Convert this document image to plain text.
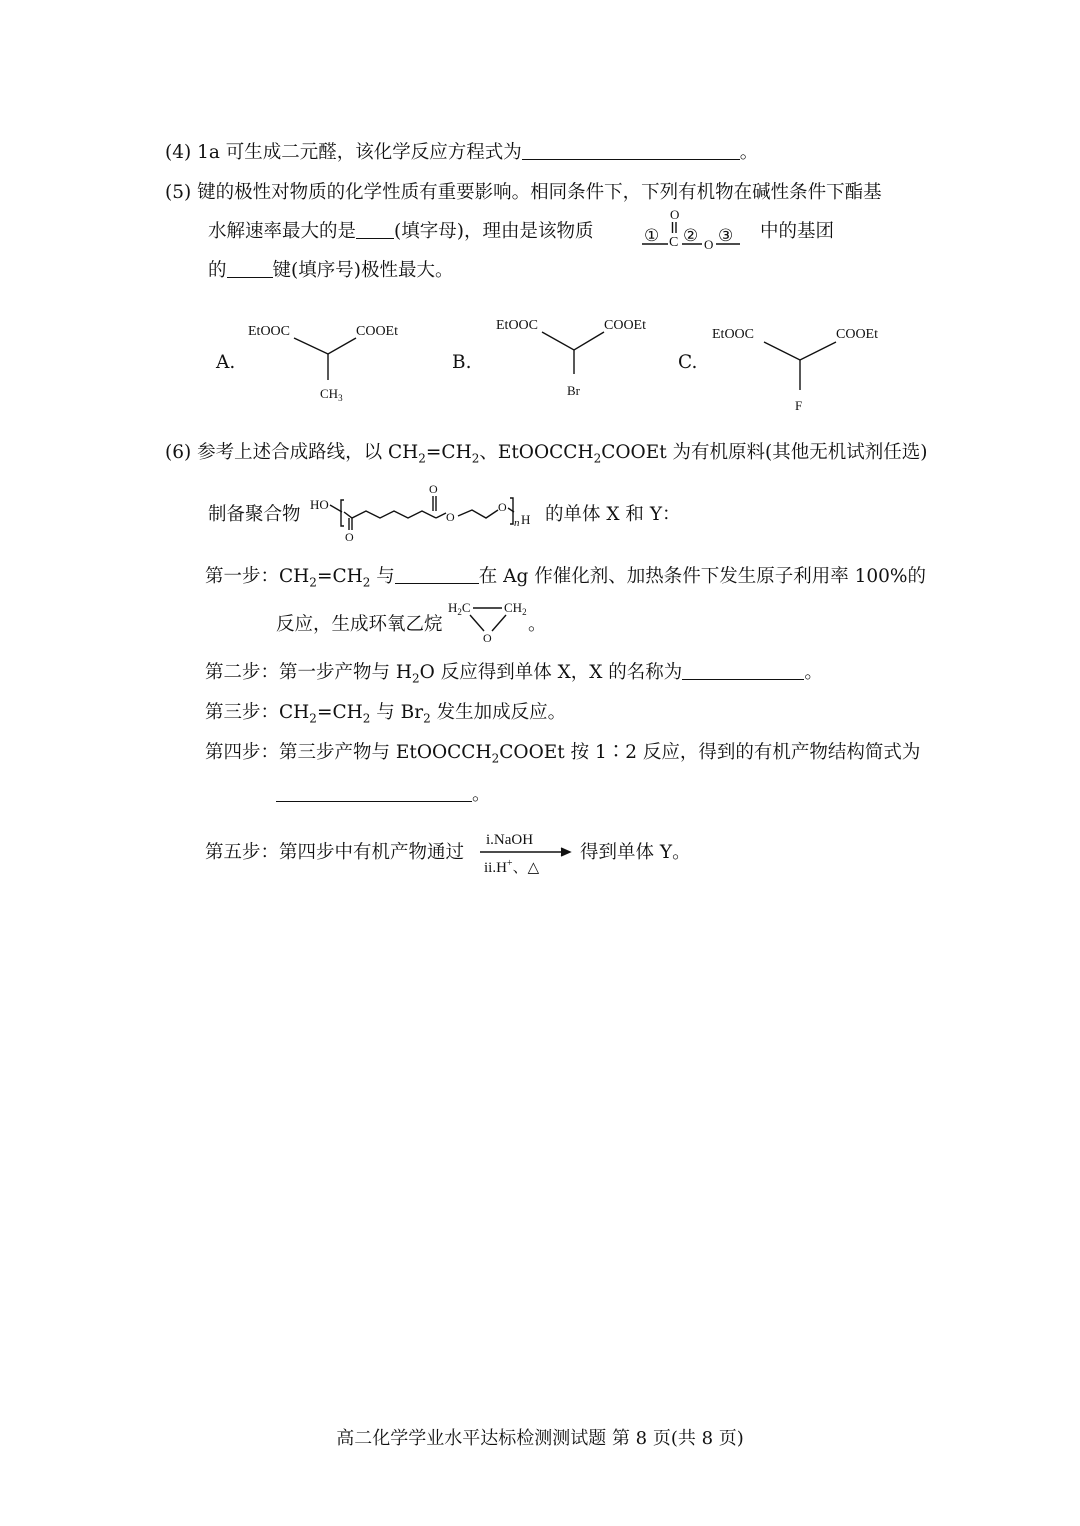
(4) 1a 可生成二元醛，该化学反应方程式为	。
(5) 键的极性对物质的化学性质有重要影响。相同条件下，下列有机物在碱性条件下酯基
水解速率最大的是 (填字母)，理由是该物质
O
① C ② O ③ 中的基团
的 键(填序号)极性最大。
A.
EtOOC	COOEt
$CH_3$
B.
EtOOC	COOEt
Br
C.
EtOOC	COOEt
F
(6) 参考上述合成路线，以 $CH_2=CH_2$、EtOOCCH$_2$COOEt 为有机原料(其他无机试剂任选)
制备聚合物 HO
O
O
O
O
n H 的单体 X 和 Y：
第一步：$CH_2=CH_2$ 与	在 Ag 作催化剂、加热条件下发生原子利用率 100%的
反应，生成环氧乙烷
$H_2C$	$CH_2$
O
。
第二步：第一步产物与 $H_2O$ 反应得到单体 X，X 的名称为	。
第三步：$CH_2=CH_2$ 与 $Br_2$ 发生加成反应。
第四步：第三步产物与 EtOOCCH$_2$COOEt 按 1∶2 反应，得到的有机产物结构简式为
。
第五步：第四步中有机产物通过
i.NaOH
ii.H+、△
得到单体 Y。
高二化学学业水平达标检测测试题 第 8 页(共 8 页)
